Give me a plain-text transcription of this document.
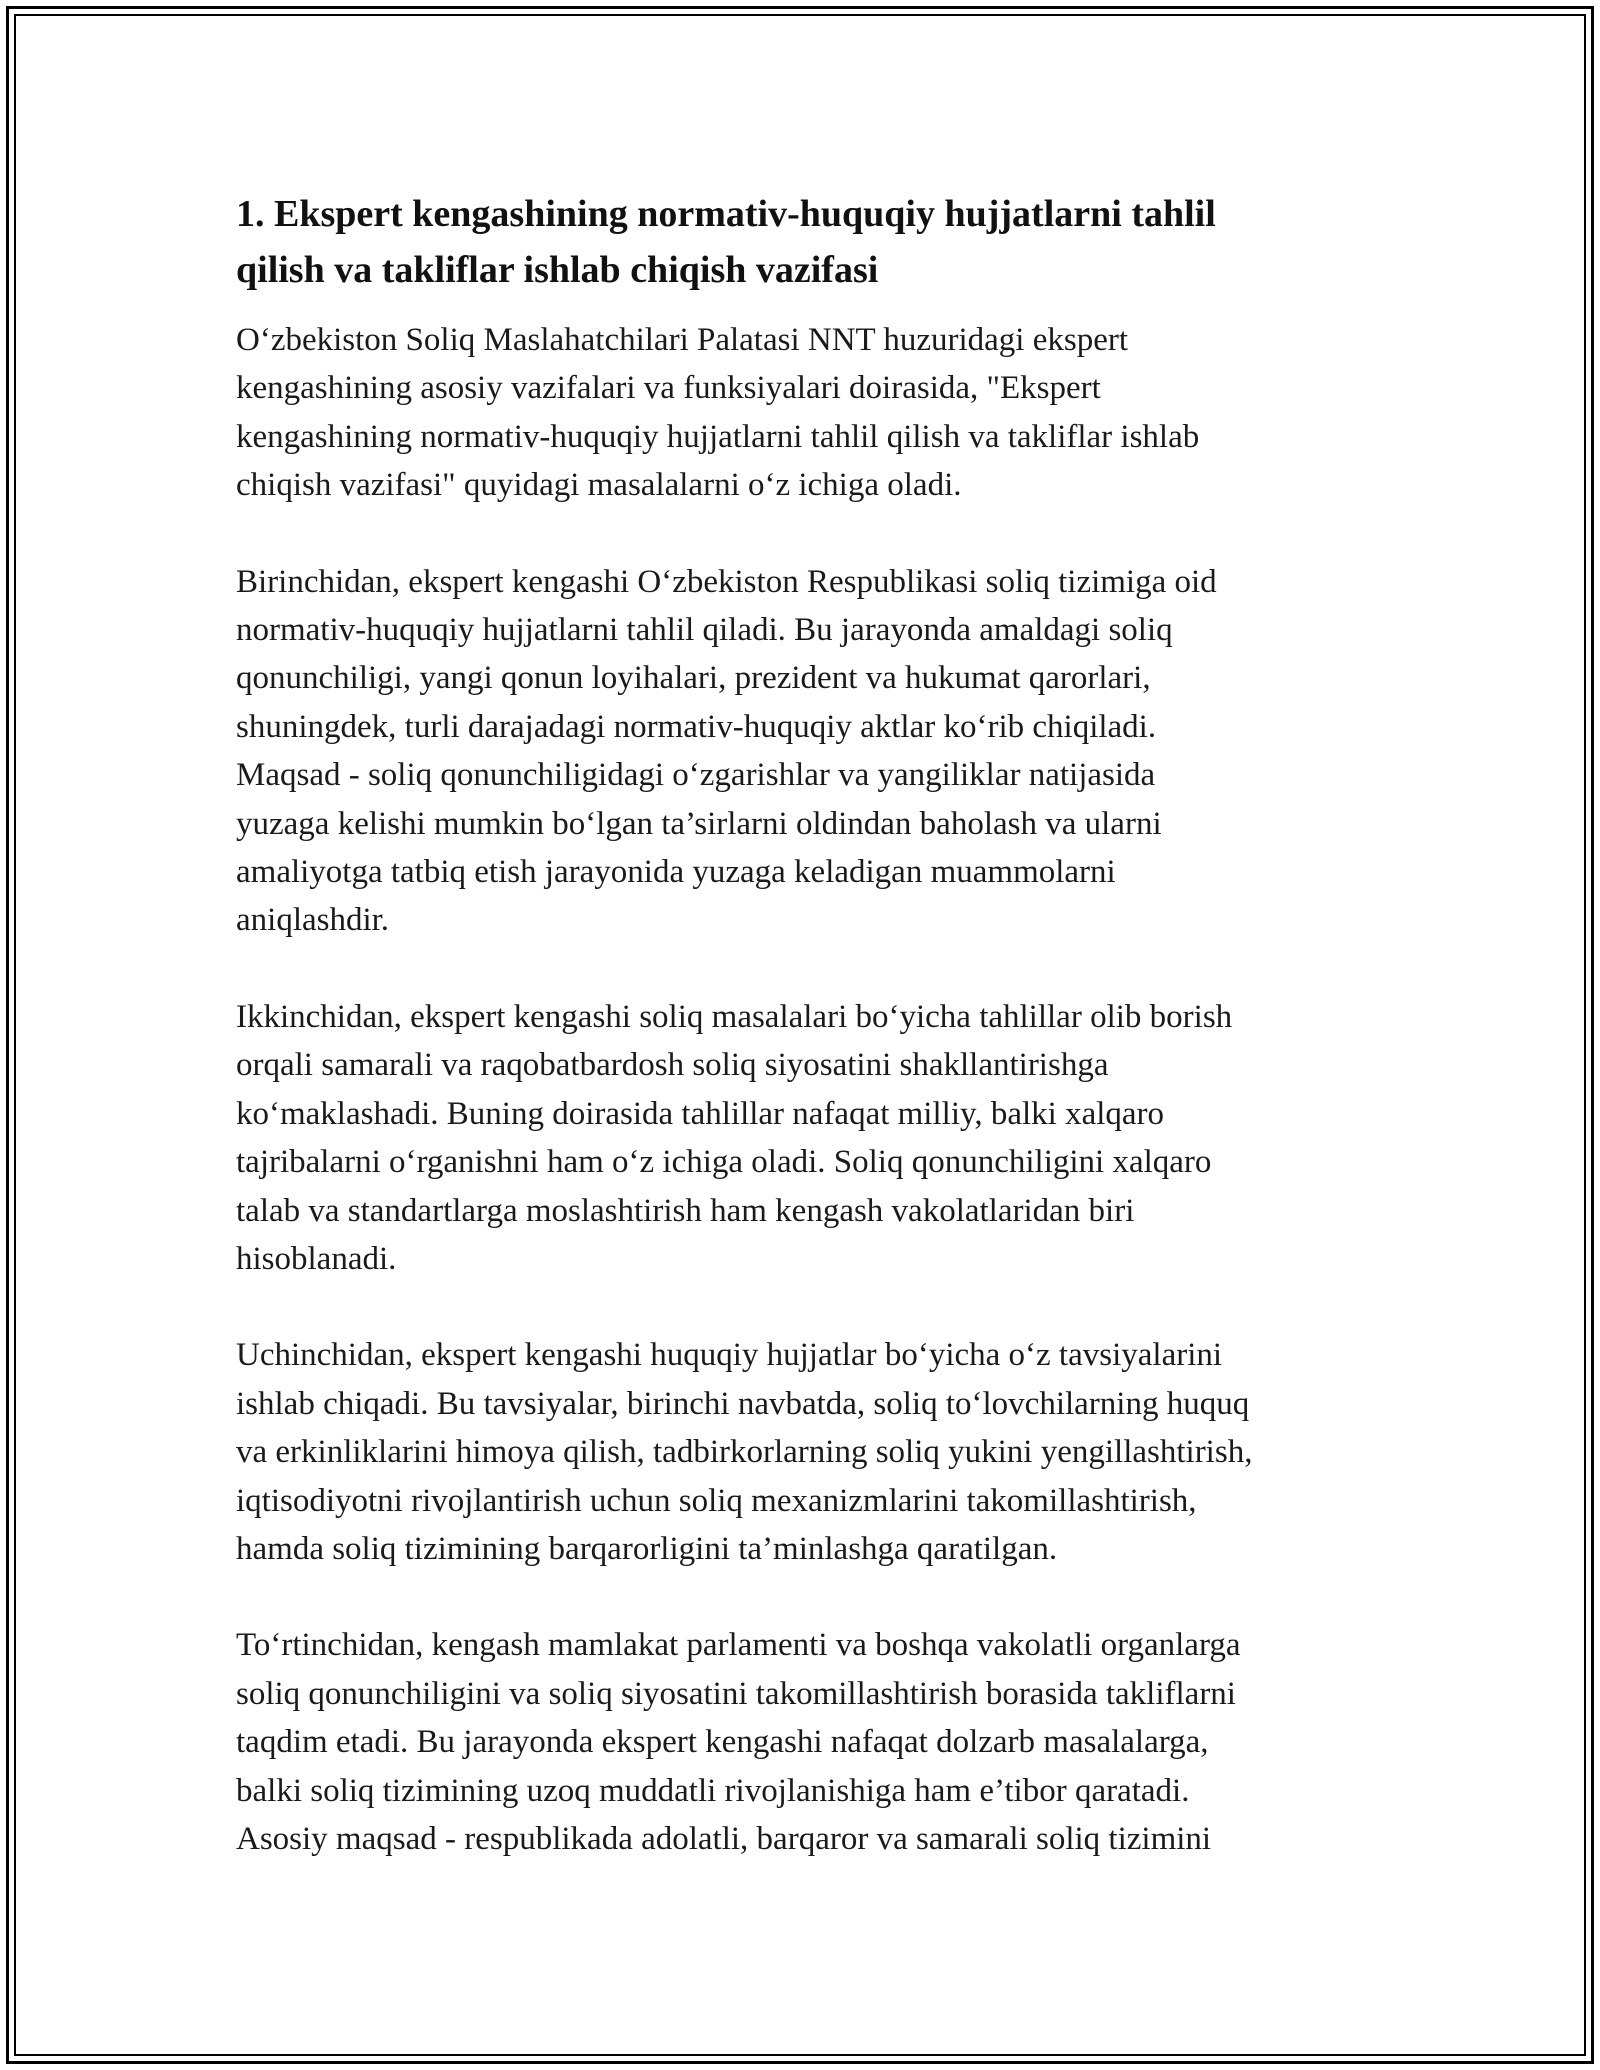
1. Ekspert kengashining normativ-huquqiy hujjatlarni tahlil
qilish va takliflar ishlab chiqish vazifasi

O‘zbekiston Soliq Maslahatchilari Palatasi NNT huzuridagi ekspert
kengashining asosiy vazifalari va funksiyalari doirasida, "Ekspert
kengashining normativ-huquqiy hujjatlarni tahlil qilish va takliflar ishlab
chiqish vazifasi" quyidagi masalalarni o‘z ichiga oladi.

Birinchidan, ekspert kengashi O‘zbekiston Respublikasi soliq tizimiga oid
normativ-huquqiy hujjatlarni tahlil qiladi. Bu jarayonda amaldagi soliq
qonunchiligi, yangi qonun loyihalari, prezident va hukumat qarorlari,
shuningdek, turli darajadagi normativ-huquqiy aktlar ko‘rib chiqiladi.
Maqsad - soliq qonunchiligidagi o‘zgarishlar va yangiliklar natijasida
yuzaga kelishi mumkin bo‘lgan ta’sirlarni oldindan baholash va ularni
amaliyotga tatbiq etish jarayonida yuzaga keladigan muammolarni
aniqlashdir.

Ikkinchidan, ekspert kengashi soliq masalalari bo‘yicha tahlillar olib borish
orqali samarali va raqobatbardosh soliq siyosatini shakllantirishga
ko‘maklashadi. Buning doirasida tahlillar nafaqat milliy, balki xalqaro
tajribalarni o‘rganishni ham o‘z ichiga oladi. Soliq qonunchiligini xalqaro
talab va standartlarga moslashtirish ham kengash vakolatlaridan biri
hisoblanadi.

Uchinchidan, ekspert kengashi huquqiy hujjatlar bo‘yicha o‘z tavsiyalarini
ishlab chiqadi. Bu tavsiyalar, birinchi navbatda, soliq to‘lovchilarning huquq
va erkinliklarini himoya qilish, tadbirkorlarning soliq yukini yengillashtirish,
iqtisodiyotni rivojlantirish uchun soliq mexanizmlarini takomillashtirish,
hamda soliq tizimining barqarorligini ta’minlashga qaratilgan.

To‘rtinchidan, kengash mamlakat parlamenti va boshqa vakolatli organlarga
soliq qonunchiligini va soliq siyosatini takomillashtirish borasida takliflarni
taqdim etadi. Bu jarayonda ekspert kengashi nafaqat dolzarb masalalarga,
balki soliq tizimining uzoq muddatli rivojlanishiga ham e’tibor qaratadi.
Asosiy maqsad - respublikada adolatli, barqaror va samarali soliq tizimini
